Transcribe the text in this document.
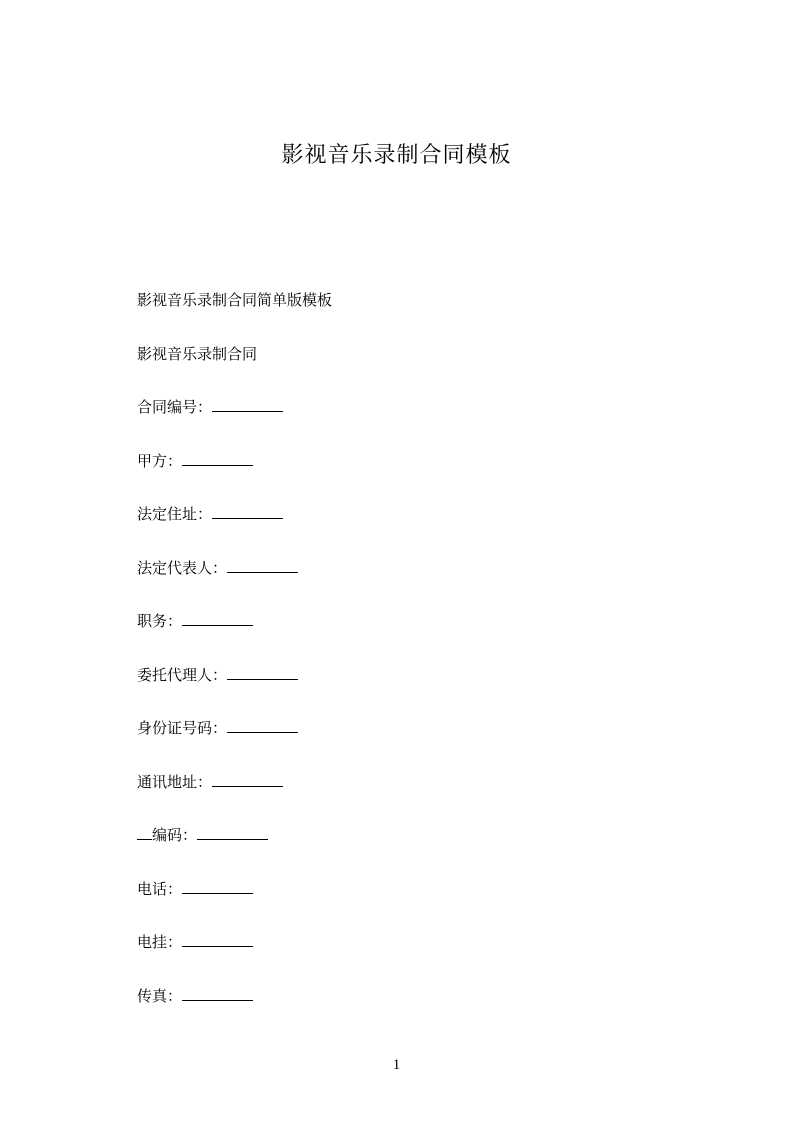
影视音乐录制合同模板
影视音乐录制合同简单版模板
影视音乐录制合同
合同编号：
甲方：
法定住址：
法定代表人：
职务：
委托代理人：
身份证号码：
通讯地址：
编码：
电话：
电挂：
传真：
1
